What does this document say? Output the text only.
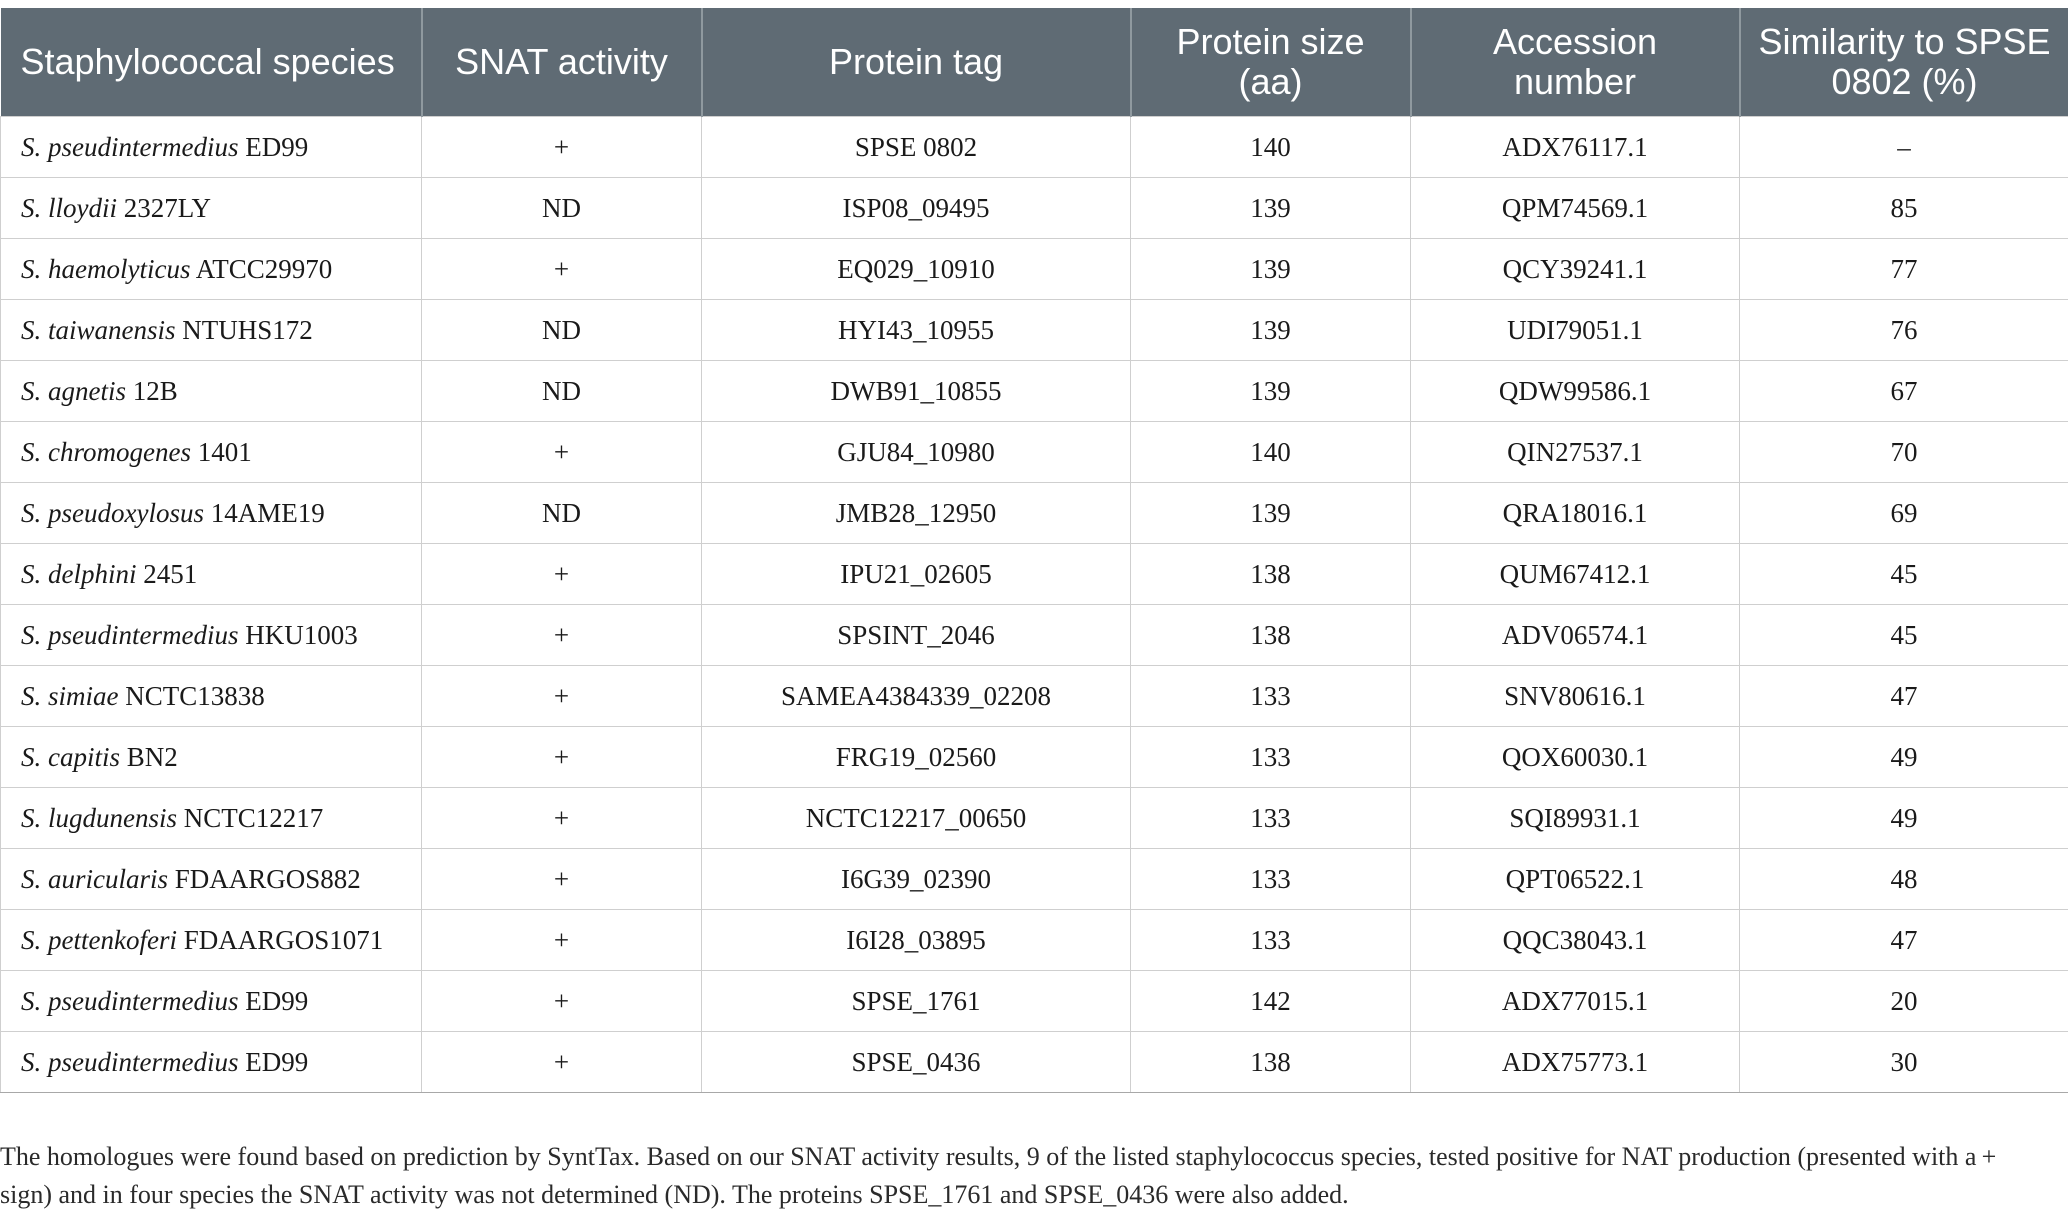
Staphylococcal species	SNAT activity	Protein tag	Protein size (aa)	Accession number	Similarity to SPSE 0802 (%)
S. pseudintermedius ED99	+	SPSE 0802	140	ADX76117.1	–
S. lloydii 2327LY	ND	ISP08_09495	139	QPM74569.1	85
S. haemolyticus ATCC29970	+	EQ029_10910	139	QCY39241.1	77
S. taiwanensis NTUHS172	ND	HYI43_10955	139	UDI79051.1	76
S. agnetis 12B	ND	DWB91_10855	139	QDW99586.1	67
S. chromogenes 1401	+	GJU84_10980	140	QIN27537.1	70
S. pseudoxylosus 14AME19	ND	JMB28_12950	139	QRA18016.1	69
S. delphini 2451	+	IPU21_02605	138	QUM67412.1	45
S. pseudintermedius HKU1003	+	SPSINT_2046	138	ADV06574.1	45
S. simiae NCTC13838	+	SAMEA4384339_02208	133	SNV80616.1	47
S. capitis BN2	+	FRG19_02560	133	QOX60030.1	49
S. lugdunensis NCTC12217	+	NCTC12217_00650	133	SQI89931.1	49
S. auricularis FDAARGOS882	+	I6G39_02390	133	QPT06522.1	48
S. pettenkoferi FDAARGOS1071	+	I6I28_03895	133	QQC38043.1	47
S. pseudintermedius ED99	+	SPSE_1761	142	ADX77015.1	20
S. pseudintermedius ED99	+	SPSE_0436	138	ADX75773.1	30
The homologues were found based on prediction by SyntTax. Based on our SNAT activity results, 9 of the listed staphylococcus species, tested positive for NAT production (presented with a + sign) and in four species the SNAT activity was not determined (ND). The proteins SPSE_1761 and SPSE_0436 were also added.
